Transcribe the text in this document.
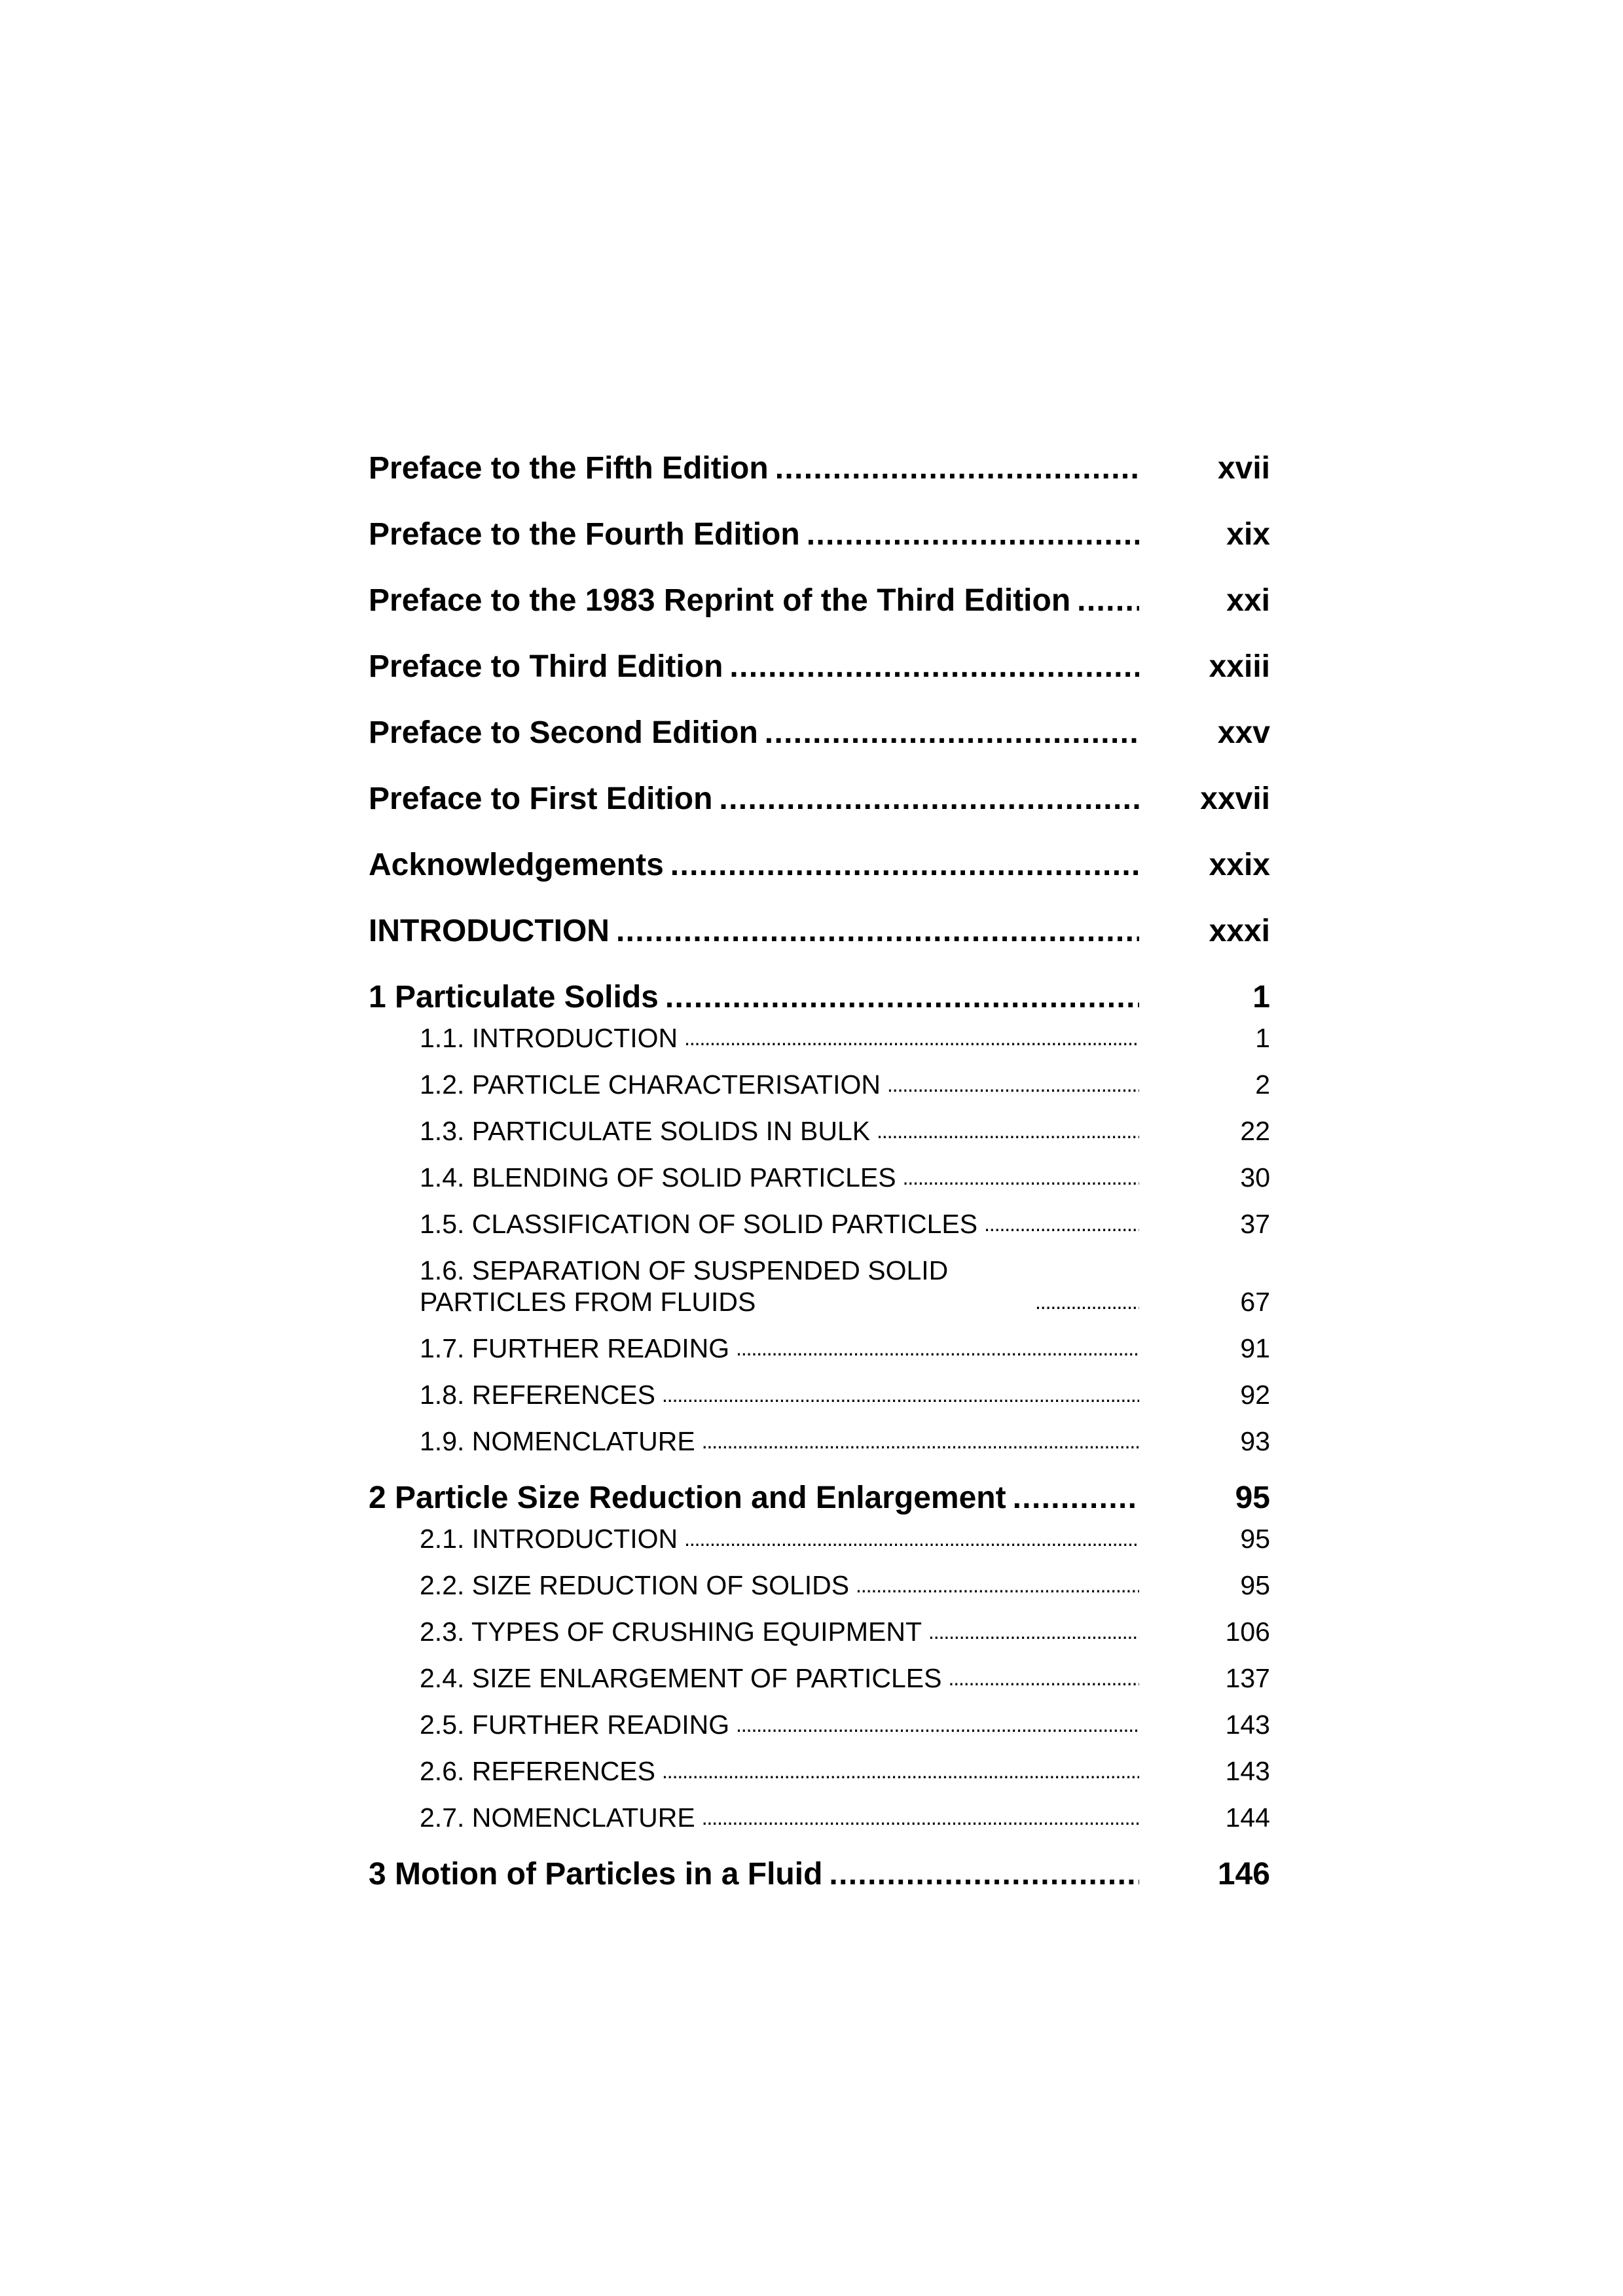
Preface to the Fifth Edition . . .	xvii
Preface to the Fourth Edition . . .	xix
Preface to the 1983 Reprint of the Third Edition . . .	xxi
Preface to Third Edition . . .	xxiii
Preface to Second Edition . . .	xxv
Preface to First Edition . . .	xxvii
Acknowledgements . . .	xxix
INTRODUCTION . . .	xxxi
1 Particulate Solids . . .	1
1.1. INTRODUCTION . . .	1
1.2. PARTICLE CHARACTERISATION . . .	2
1.3. PARTICULATE SOLIDS IN BULK . . .	22
1.4. BLENDING OF SOLID PARTICLES . . .	30
1.5. CLASSIFICATION OF SOLID PARTICLES . . .	37
1.6. SEPARATION OF SUSPENDED SOLID PARTICLES FROM FLUIDS . . .	67
1.7. FURTHER READING . . .	91
1.8. REFERENCES . . .	92
1.9. NOMENCLATURE . . .	93
2 Particle Size Reduction and Enlargement . . .	95
2.1. INTRODUCTION . . .	95
2.2. SIZE REDUCTION OF SOLIDS . . .	95
2.3. TYPES OF CRUSHING EQUIPMENT . . .	106
2.4. SIZE ENLARGEMENT OF PARTICLES . . .	137
2.5. FURTHER READING . . .	143
2.6. REFERENCES . . .	143
2.7. NOMENCLATURE . . .	144
3 Motion of Particles in a Fluid . . .	146
